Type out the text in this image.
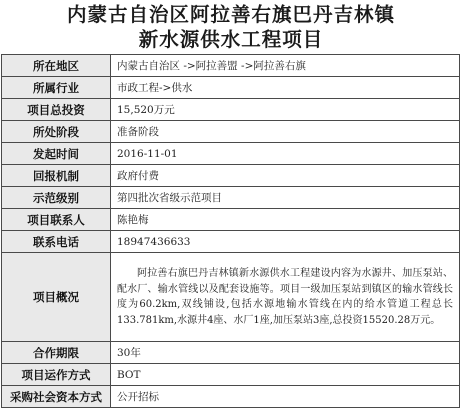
内蒙古自治区阿拉善右旗巴丹吉林镇
新水源供水工程项目
所在地区	内蒙古自治区 ->阿拉善盟 ->阿拉善右旗
所属行业	市政工程->供水
项目总投资	15,520万元
所处阶段	准备阶段
发起时间	2016-11-01
回报机制	政府付费
示范级别	第四批次省级示范项目
项目联系人	陈艳梅
联系电话	18947436633
项目概况	阿拉善右旗巴丹吉林镇新水源供水工程建设内容为水源井、加压泵站、配水厂、输水管线以及配套设施等。项目一级加压泵站到镇区的输水管线长度为60.2km,双线铺设,包括水源地输水管线在内的给水管道工程总长133.781km,水源井4座、水厂1座,加压泵站3座,总投资15520.28万元。

合作期限	30年
项目运作方式	BOT
采购社会资本方式	公开招标
